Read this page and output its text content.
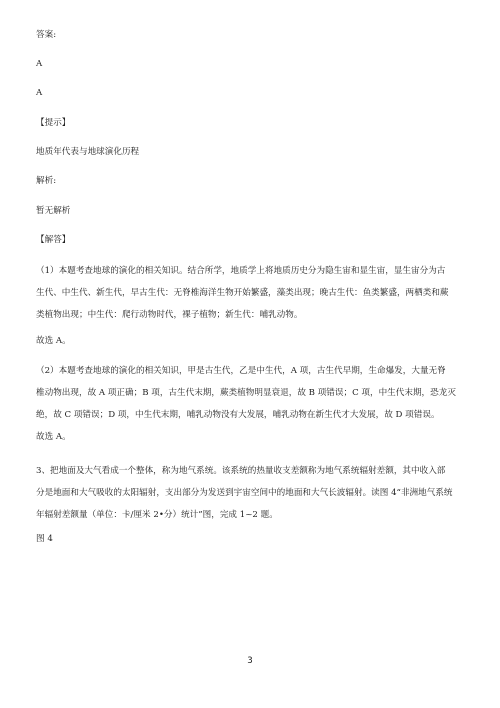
答案:
A
A
【提示】
地质年代表与地球演化历程
解析:
暂无解析
【解答】
（1）本题考查地球的演化的相关知识。结合所学，地质学上将地质历史分为隐生宙和显生宙，显生宙分为古
生代、中生代、新生代，早古生代：无脊椎海洋生物开始繁盛，藻类出现；晚古生代：鱼类繁盛，两栖类和蕨
类植物出现；中生代：爬行动物时代，裸子植物；新生代：哺乳动物。
故选 A。
（2）本题考查地球的演化的相关知识，甲是古生代，乙是中生代，A 项，古生代早期，生命爆发，大量无脊
椎动物出现，故 A 项正确；B 项，古生代末期，蕨类植物明显衰退，故 B 项错误；C 项，中生代末期，恐龙灭
绝，故 C 项错误；D 项，中生代末期，哺乳动物没有大发展，哺乳动物在新生代才大发展，故 D 项错误。
故选 A。
3、把地面及大气看成一个整体，称为地气系统。该系统的热量收支差额称为地气系统辐射差额，其中收入部
分是地面和大气吸收的太阳辐射，支出部分为发送到宇宙空间中的地面和大气长波辐射。读图 4“非洲地气系统
年辐射差额量（单位：卡/厘米 2•分）统计”图，完成 1~2 题。
图 4
3
